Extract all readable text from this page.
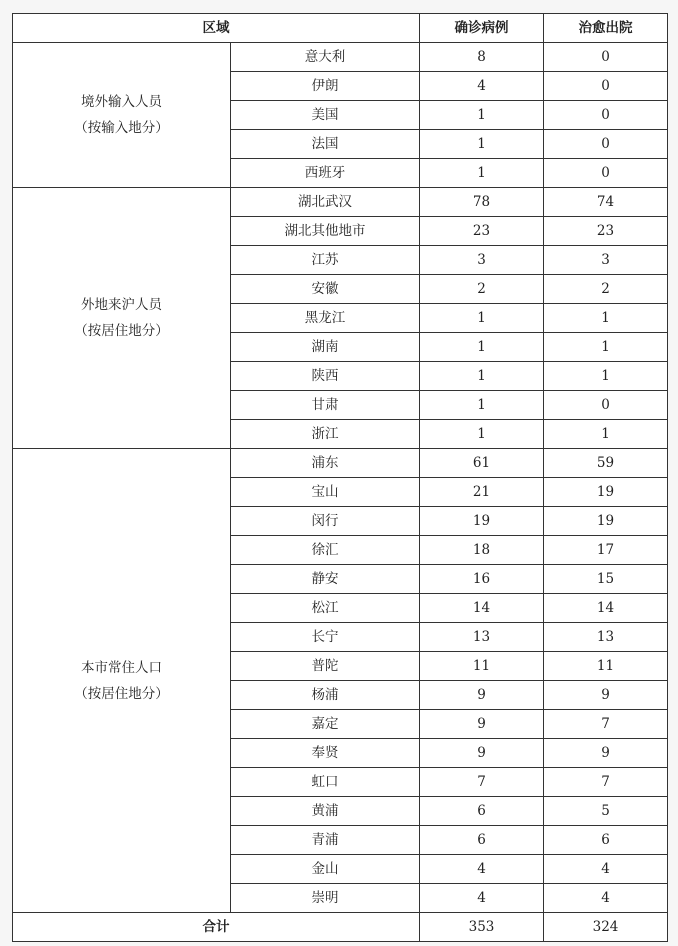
区域		确诊病例	治愈出院

境外输入人员
（按输入地分）	意大利	8	0
	伊朗	4	0
	美国	1	0
	法国	1	0
	西班牙	1	0

外地来沪人员
（按居住地分）	湖北武汉	78	74
	湖北其他地市	23	23
	江苏	3	3
	安徽	2	2
	黑龙江	1	1
	湖南	1	1
	陕西	1	1
	甘肃	1	0
	浙江	1	1

本市常住人口
（按居住地分）	浦东	61	59
	宝山	21	19
	闵行	19	19
	徐汇	18	17
	静安	16	15
	松江	14	14
	长宁	13	13
	普陀	11	11
	杨浦	9	9
	嘉定	9	7
	奉贤	9	9
	虹口	7	7
	黄浦	6	5
	青浦	6	6
	金山	4	4
	崇明	4	4
合计		353	324
